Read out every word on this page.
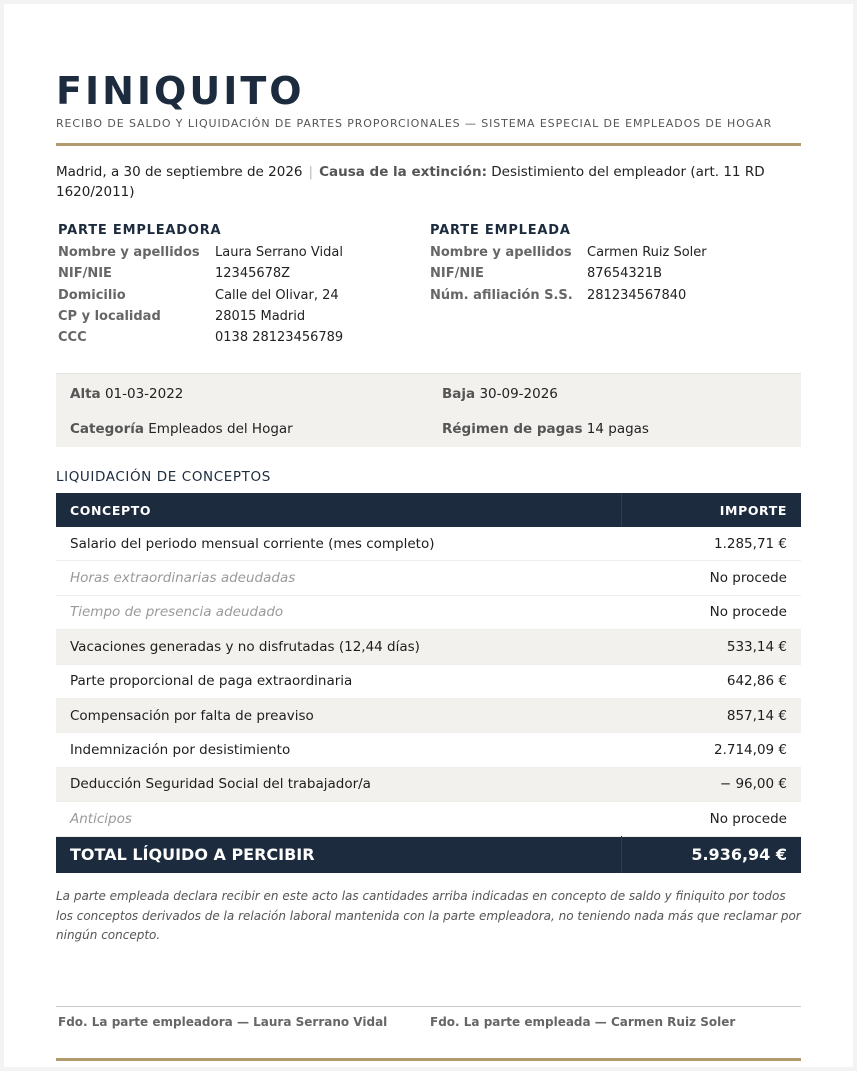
FINIQUITO
RECIBO DE SALDO Y LIQUIDACIÓN DE PARTES PROPORCIONALES — SISTEMA ESPECIAL DE EMPLEADOS DE HOGAR
Madrid, a 30 de septiembre de 2026 | Causa de la extinción: Desistimiento del empleador (art. 11 RD 1620/2011)
PARTE EMPLEADORA
Nombre y apellidos	Laura Serrano Vidal
NIF/NIE	12345678Z
Domicilio	Calle del Olivar, 24
CP y localidad	28015 Madrid
CCC	0138 28123456789
PARTE EMPLEADA
Nombre y apellidos	Carmen Ruiz Soler
NIF/NIE	87654321B
Núm. afiliación S.S.	281234567840
Alta 01-03-2022	Baja 30-09-2026
Categoría Empleados del Hogar	Régimen de pagas 14 pagas
LIQUIDACIÓN DE CONCEPTOS
CONCEPTO	IMPORTE
Salario del periodo mensual corriente (mes completo)	1.285,71 €
Horas extraordinarias adeudadas	No procede
Tiempo de presencia adeudado	No procede
Vacaciones generadas y no disfrutadas (12,44 días)	533,14 €
Parte proporcional de paga extraordinaria	642,86 €
Compensación por falta de preaviso	857,14 €
Indemnización por desistimiento	2.714,09 €
Deducción Seguridad Social del trabajador/a	− 96,00 €
Anticipos	No procede
TOTAL LÍQUIDO A PERCIBIR	5.936,94 €
La parte empleada declara recibir en este acto las cantidades arriba indicadas en concepto de saldo y finiquito por todos los conceptos derivados de la relación laboral mantenida con la parte empleadora, no teniendo nada más que reclamar por ningún concepto.
Fdo. La parte empleadora — Laura Serrano Vidal	Fdo. La parte empleada — Carmen Ruiz Soler
